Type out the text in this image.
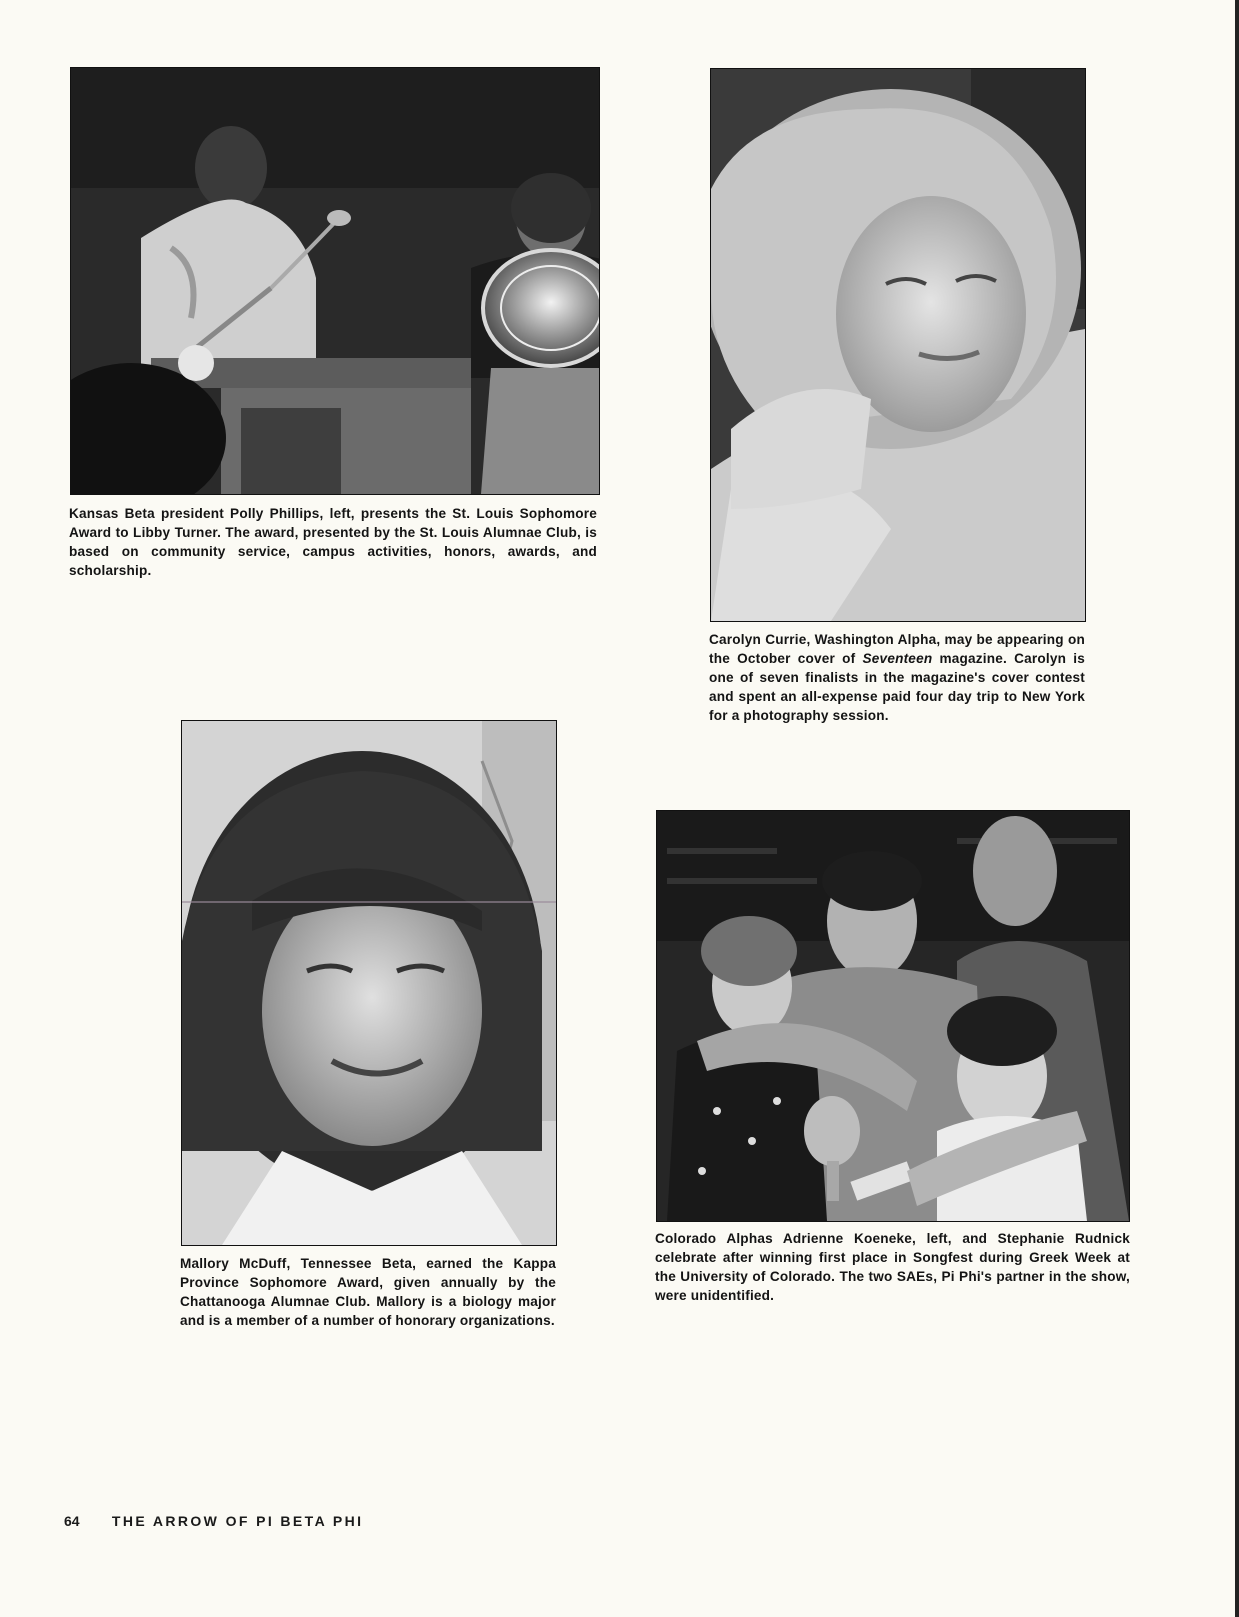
Kansas Beta president Polly Phillips, left, presents the St. Louis Sophomore Award to Libby Turner. The award, presented by the St. Louis Alumnae Club, is based on community service, campus activities, honors, awards, and scholarship.

Carolyn Currie, Washington Alpha, may be appearing on the October cover of Seventeen magazine. Carolyn is one of seven finalists in the magazine's cover contest and spent an all-expense paid four day trip to New York for a photography session.

Mallory McDuff, Tennessee Beta, earned the Kappa Province Sophomore Award, given annually by the Chattanooga Alumnae Club. Mallory is a biology major and is a member of a number of honorary organizations.

Colorado Alphas Adrienne Koeneke, left, and Stephanie Rudnick celebrate after winning first place in Songfest during Greek Week at the University of Colorado. The two SAEs, Pi Phi's partner in the show, were unidentified.

64 THE ARROW OF PI BETA PHI
